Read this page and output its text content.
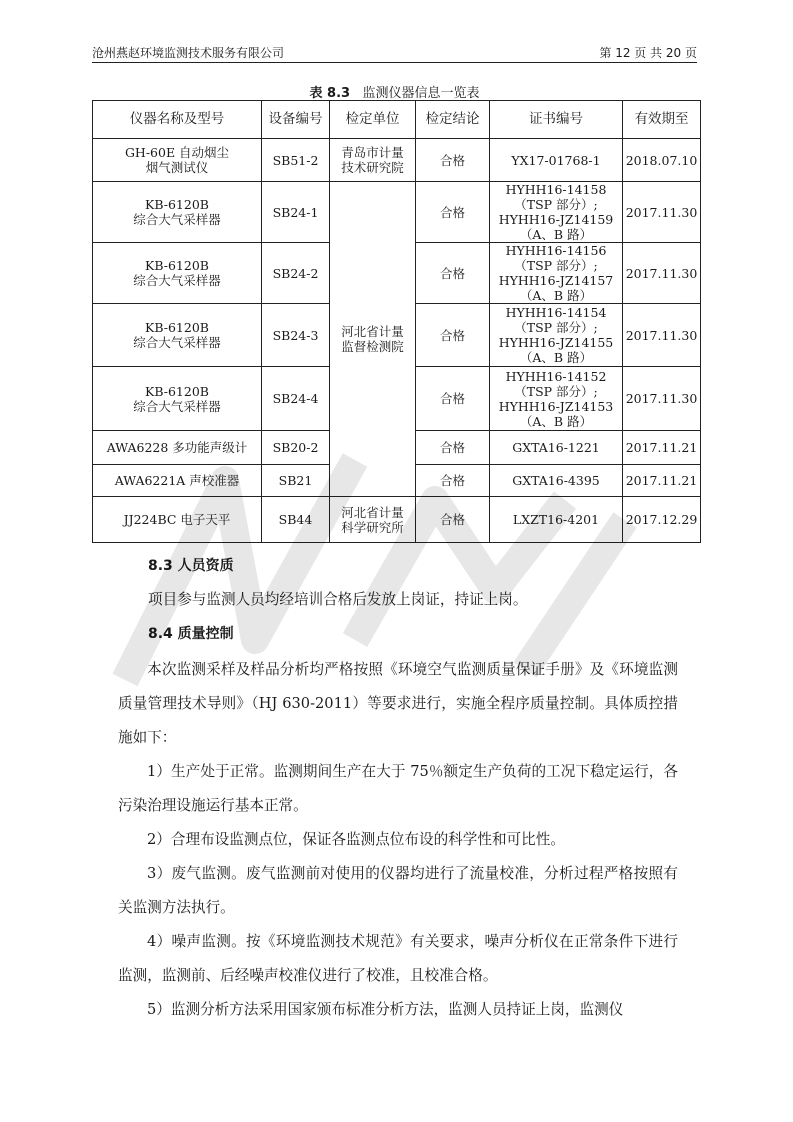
沧州燕赵环境监测技术服务有限公司	第 12 页 共 20 页
表 8.3 监测仪器信息一览表
仪器名称及型号	设备编号	检定单位	检定结论	证书编号	有效期至

GH-60E 自动烟尘
烟气测试仪	SB51-2	青岛市计量
技术研究院	合格	YX17-01768-1	2018.07.10

KB-6120B
综合大气采样器	SB24-1	河北省计量
监督检测院	合格	HYHH16-14158
（TSP 部分）;
HYHH16-JZ14159
（A、B 路）	2017.11.30

KB-6120B
综合大气采样器	SB24-2		合格	HYHH16-14156
（TSP 部分）;
HYHH16-JZ14157
（A、B 路）	2017.11.30

KB-6120B
综合大气采样器	SB24-3		合格	HYHH16-14154
（TSP 部分）;
HYHH16-JZ14155
（A、B 路）	2017.11.30

KB-6120B
综合大气采样器	SB24-4		合格	HYHH16-14152
（TSP 部分）;
HYHH16-JZ14153
（A、B 路）	2017.11.30
AWA6228 多功能声级计	SB20-2		合格	GXTA16-1221	2017.11.21
AWA6221A 声校准器	SB21		合格	GXTA16-4395	2017.11.21
JJ224BC 电子天平	SB44	河北省计量
科学研究所	合格	LXZT16-4201	2017.12.29
8.3 人员资质
项目参与监测人员均经培训合格后发放上岗证，持证上岗。
8.4 质量控制
本次监测采样及样品分析均严格按照《环境空气监测质量保证手册》及《环境监测质量管理技术导则》（HJ 630-2011）等要求进行，实施全程序质量控制。具体质控措施如下：
1）生产处于正常。监测期间生产在大于 75％额定生产负荷的工况下稳定运行，各污染治理设施运行基本正常。
2）合理布设监测点位，保证各监测点位布设的科学性和可比性。
3）废气监测。废气监测前对使用的仪器均进行了流量校准，分析过程严格按照有关监测方法执行。
4）噪声监测。按《环境监测技术规范》有关要求，噪声分析仪在正常条件下进行监测，监测前、后经噪声校准仪进行了校准，且校准合格。
5）监测分析方法采用国家颁布标准分析方法，监测人员持证上岗，监测仪
